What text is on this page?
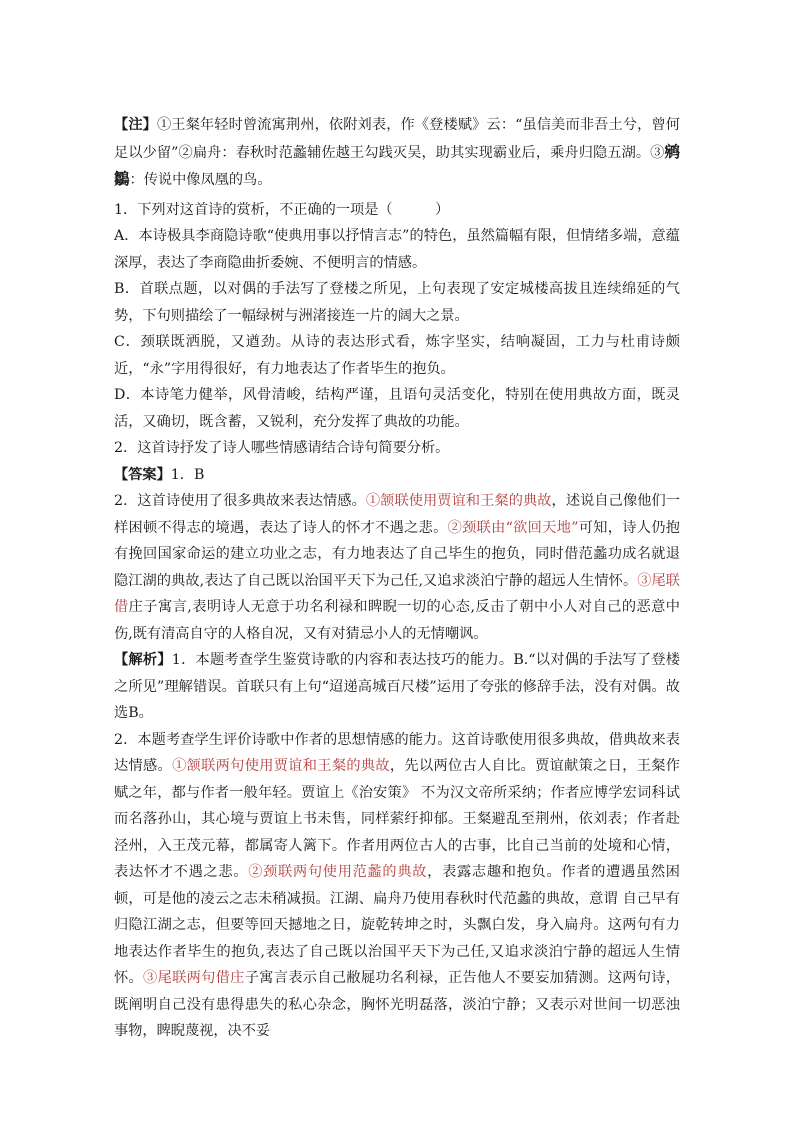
【注】①王粲年轻时曾流寓荆州，依附刘表，作《登楼赋》云：“虽信美而非吾土兮，曾何足以少留”②扁舟：春秋时范蠡辅佐越王勾践灭吴，助其实现霸业后，乘舟归隐五湖。③鹓鶵：传说中像凤凰的鸟。

1．下列对这首诗的赏析，不正确的一项是（　　　）

A．本诗极具李商隐诗歌“使典用事以抒情言志”的特色，虽然篇幅有限，但情绪多端，意蕴深厚，表达了李商隐曲折委婉、不便明言的情感。

B．首联点题，以对偶的手法写了登楼之所见，上句表现了安定城楼高拔且连续绵延的气势，下句则描绘了一幅绿树与洲渚接连一片的阔大之景。

C．颈联既洒脱，又遒劲。从诗的表达形式看，炼字坚实，结响凝固，工力与杜甫诗颇近，“永”字用得很好，有力地表达了作者毕生的抱负。

D．本诗笔力健举，风骨清峻，结构严谨，且语句灵活变化，特别在使用典故方面，既灵活，又确切，既含蓄，又锐利，充分发挥了典故的功能。

2．这首诗抒发了诗人哪些情感请结合诗句简要分析。

【答案】1．B

2．这首诗使用了很多典故来表达情感。①颔联使用贾谊和王粲的典故，述说自己像他们一样困顿不得志的境遇，表达了诗人的怀才不遇之悲。②颈联由“欲回天地”可知，诗人仍抱有挽回国家命运的建立功业之志，有力地表达了自己毕生的抱负，同时借范蠡功成名就退隐江湖的典故,表达了自己既以治国平天下为己任,又追求淡泊宁静的超远人生情怀。③尾联借庄子寓言,表明诗人无意于功名利禄和睥睨一切的心态,反击了朝中小人对自己的恶意中伤,既有清高自守的人格自况，又有对猜忌小人的无情嘲讽。

【解析】1．本题考查学生鉴赏诗歌的内容和表达技巧的能力。B.“以对偶的手法写了登楼之所见”理解错误。首联只有上句“迢递高城百尺楼”运用了夸张的修辞手法，没有对偶。故选B。

2．本题考查学生评价诗歌中作者的思想情感的能力。这首诗歌使用很多典故，借典故来表达情感。①颔联两句使用贾谊和王粲的典故，先以两位古人自比。贾谊献策之日，王粲作赋之年，都与作者一般年轻。贾谊上《治安策》 不为汉文帝所采纳；作者应博学宏词科试而名落孙山，其心境与贾谊上书未售，同样萦纡抑郁。王粲避乱至荆州，依刘表；作者赴泾州，入王茂元幕，都属寄人篱下。作者用两位古人的古事，比自己当前的处境和心情，表达怀才不遇之悲。②颈联两句使用范蠡的典故，表露志趣和抱负。作者的遭遇虽然困顿，可是他的凌云之志未稍减损。江湖、扁舟乃使用春秋时代范蠡的典故，意谓 自己早有归隐江湖之志，但要等回天撼地之日，旋乾转坤之时，头飘白发，身入扁舟。这两句有力地表达作者毕生的抱负,表达了自己既以治国平天下为己任,又追求淡泊宁静的超远人生情怀。③尾联两句借庄子寓言表示自己敝屣功名利禄，正告他人不要妄加猜测。这两句诗，既阐明自己没有患得患失的私心杂念，胸怀光明磊落，淡泊宁静；又表示对世间一切恶浊事物，睥睨蔑视，决不妥
